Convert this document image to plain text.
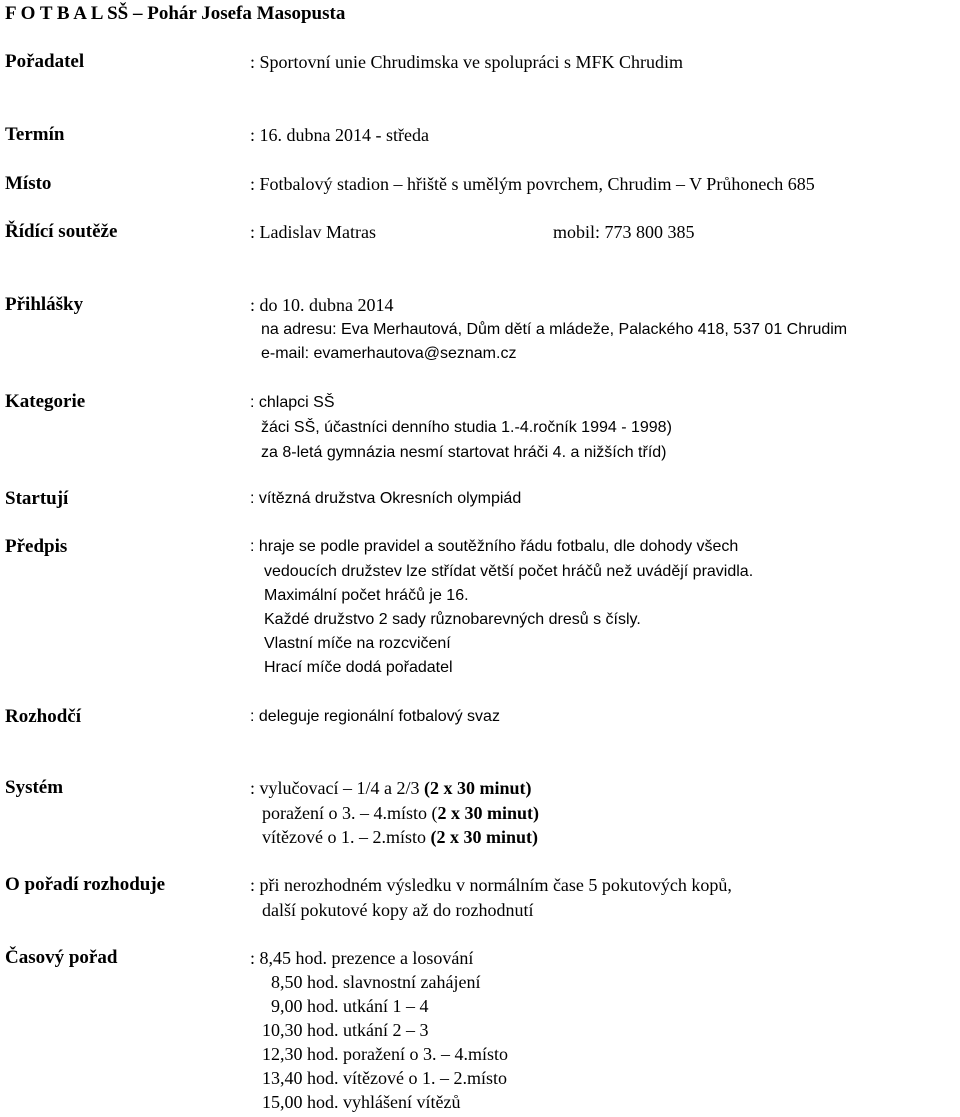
F O T B A L SŠ – Pohár Josefa Masopusta
Pořadatel	: Sportovní unie Chrudimska ve spolupráci s MFK Chrudim
Termín	: 16. dubna 2014 - středa
Místo	: Fotbalový stadion – hřiště s umělým povrchem, Chrudim – V Průhonech 685
Řídící soutěže	: Ladislav Matras	mobil: 773 800 385
Přihlášky	: do 10. dubna 2014
na adresu: Eva Merhautová, Dům dětí a mládeže, Palackého 418, 537 01 Chrudim
e-mail: evamerhautova@seznam.cz
Kategorie	: chlapci SŠ
žáci SŠ, účastníci denního studia 1.-4.ročník 1994 - 1998)
za 8-letá gymnázia nesmí startovat hráči 4. a nižších tříd)
Startují	: vítězná družstva Okresních olympiád
Předpis	: hraje se podle pravidel a soutěžního řádu fotbalu, dle dohody všech
vedoucích družstev lze střídat větší počet hráčů než uvádějí pravidla.
Maximální počet hráčů je 16.
Každé družstvo 2 sady různobarevných dresů s čísly.
Vlastní míče na rozcvičení
Hrací míče dodá pořadatel
Rozhodčí	: deleguje regionální fotbalový svaz
Systém	: vylučovací – 1/4 a 2/3 (2 x 30 minut)
poražení o 3. – 4.místo (2 x 30 minut)
vítězové o 1. – 2.místo (2 x 30 minut)
O pořadí rozhoduje	: při nerozhodném výsledku v normálním čase 5 pokutových kopů,
další pokutové kopy až do rozhodnutí
Časový pořad	: 8,45 hod. prezence a losování
8,50 hod. slavnostní zahájení
9,00 hod. utkání 1 – 4
10,30 hod. utkání 2 – 3
12,30 hod. poražení o 3. – 4.místo
13,40 hod. vítězové o 1. – 2.místo
15,00 hod. vyhlášení vítězů
